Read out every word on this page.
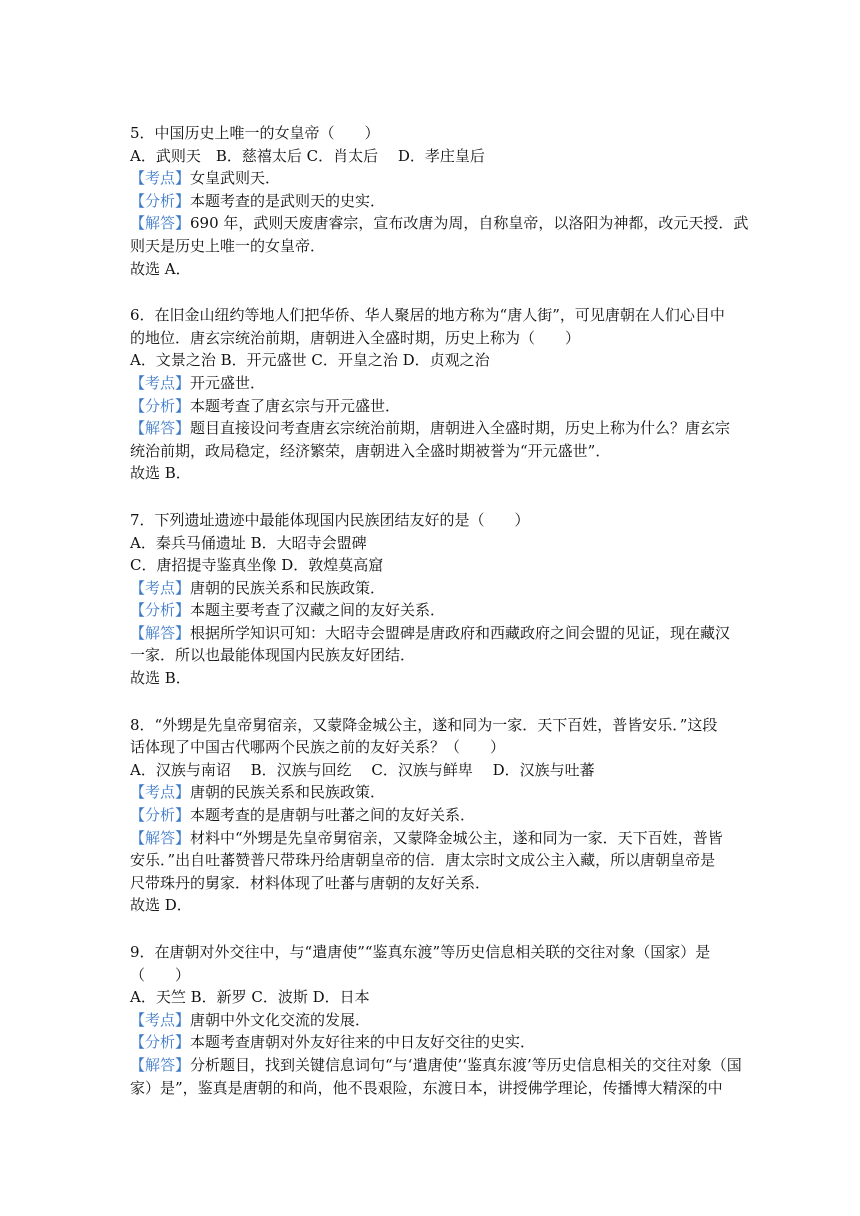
5．中国历史上唯一的女皇帝（　　）
A．武则天　B．慈禧太后 C．肖太后　 D．孝庄皇后
【考点】女皇武则天．
【分析】本题考查的是武则天的史实．
【解答】690 年，武则天废唐睿宗，宣布改唐为周，自称皇帝，以洛阳为神都，改元天授．武
则天是历史上唯一的女皇帝．
故选 A．
6．在旧金山纽约等地人们把华侨、华人聚居的地方称为“唐人街”，可见唐朝在人们心目中
的地位．唐玄宗统治前期，唐朝进入全盛时期，历史上称为（　　）
A．文景之治 B．开元盛世 C．开皇之治 D．贞观之治
【考点】开元盛世．
【分析】本题考查了唐玄宗与开元盛世．
【解答】题目直接设问考查唐玄宗统治前期，唐朝进入全盛时期，历史上称为什么？唐玄宗
统治前期，政局稳定，经济繁荣，唐朝进入全盛时期被誉为“开元盛世”．
故选 B．
7．下列遗址遗迹中最能体现国内民族团结友好的是（　　）
A．秦兵马俑遗址 B．大昭寺会盟碑
C．唐招提寺鉴真坐像 D．敦煌莫高窟
【考点】唐朝的民族关系和民族政策．
【分析】本题主要考查了汉藏之间的友好关系．
【解答】根据所学知识可知：大昭寺会盟碑是唐政府和西藏政府之间会盟的见证，现在藏汉
一家．所以也最能体现国内民族友好团结．
故选 B．
8．“外甥是先皇帝舅宿亲，又蒙降金城公主，遂和同为一家．天下百姓，普皆安乐．”这段
话体现了中国古代哪两个民族之前的友好关系？（　　）
A．汉族与南诏　 B．汉族与回纥　 C．汉族与鲜卑　 D．汉族与吐蕃
【考点】唐朝的民族关系和民族政策．
【分析】本题考查的是唐朝与吐蕃之间的友好关系．
【解答】材料中“外甥是先皇帝舅宿亲，又蒙降金城公主，遂和同为一家．天下百姓，普皆
安乐．”出自吐蕃赞普尺带珠丹给唐朝皇帝的信．唐太宗时文成公主入藏，所以唐朝皇帝是
尺带珠丹的舅家．材料体现了吐蕃与唐朝的友好关系．
故选 D．
9．在唐朝对外交往中，与“遣唐使”“鉴真东渡”等历史信息相关联的交往对象（国家）是
（　　）
A．天竺 B．新罗 C．波斯 D．日本
【考点】唐朝中外文化交流的发展．
【分析】本题考查唐朝对外友好往来的中日友好交往的史实．
【解答】分析题目，找到关键信息词句“与‘遣唐使’‘鉴真东渡’等历史信息相关的交往对象（国
家）是”，鉴真是唐朝的和尚，他不畏艰险，东渡日本，讲授佛学理论，传播博大精深的中
